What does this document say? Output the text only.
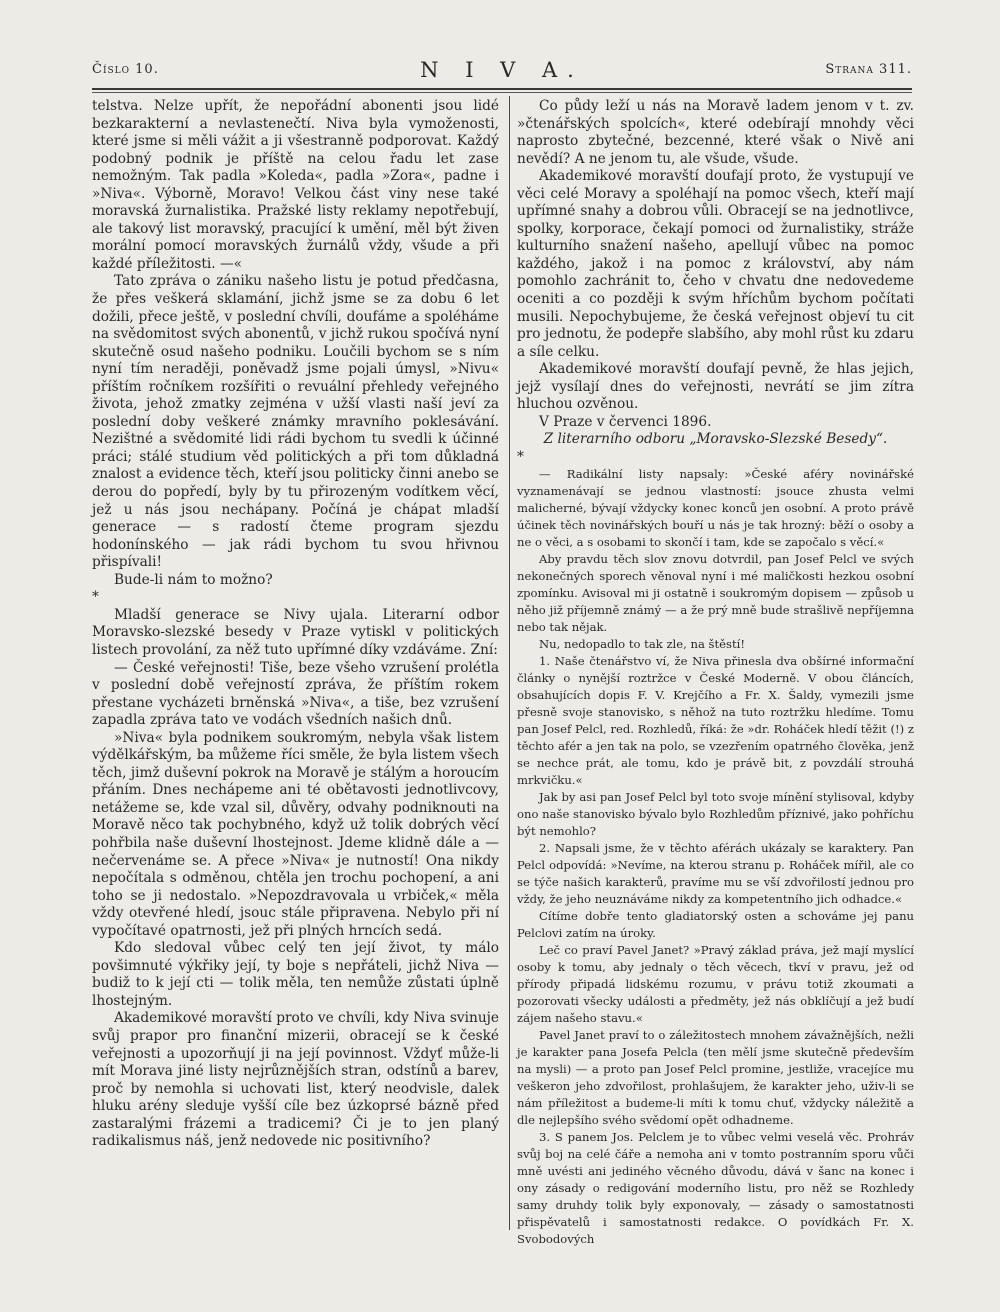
Číslo 10.	N I V A.	Strana 311.

telstva. Nelze upřít, že nepořádní abonenti jsou lidé bezkarakterní a nevlastenečtí. Niva byla vymoženosti, které jsme si měli vážit a ji všestranně podporovat. Každý podobný podnik je příště na celou řadu let zase nemožným. Tak padla »Koleda«, padla »Zora«, padne i »Niva«. Výborně, Moravo! Velkou část viny nese také moravská žurnalistika. Pražské listy reklamy nepotřebují, ale takový list moravský, pracující k umění, měl být živen morální pomocí moravských žurnálů vždy, všude a při každé příležitosti. —«

Tato zpráva o zániku našeho listu je potud předčasna, že přes veškerá sklamání, jichž jsme se za dobu 6 let dožili, přece ještě, v poslední chvíli, doufáme a spoléháme na svědomitost svých abonentů, v jichž rukou spočívá nyní skutečně osud našeho podniku. Loučili bychom se s ním nyní tím neraději, poněvadž jsme pojali úmysl, »Nivu« příštím ročníkem rozšířiti o revuální přehledy veřejného života, jehož zmatky zejména v užší vlasti naší jeví za poslední doby veškeré známky mravního poklesávání. Nezištné a svědomité lidi rádi bychom tu svedli k účinné práci; stálé studium věd politických a při tom důkladná znalost a evidence těch, kteří jsou politicky činni anebo se derou do popředí, byly by tu přirozeným vodítkem věcí, jež u nás jsou nechápany. Počíná je chápat mladší generace — s radostí čteme program sjezdu hodonínského — jak rádi bychom tu svou hřivnou přispívali!

Bude-li nám to možno?

*

Mladší generace se Nivy ujala. Literarní odbor Moravsko-slezské besedy v Praze vytiskl v politických listech provolání, za něž tuto upřímné díky vzdáváme. Zní:

— České veřejnosti! Tiše, beze všeho vzrušení prolétla v poslední době veřejností zpráva, že příštím rokem přestane vycházeti brněnská »Niva«, a tiše, bez vzrušení zapadla zpráva tato ve vodách všedních našich dnů.

»Niva« byla podnikem soukromým, nebyla však listem výdělkářským, ba můžeme říci směle, že byla listem všech těch, jimž duševní pokrok na Moravě je stálým a horoucím přáním. Dnes nechápeme ani té obětavosti jednotlivcovy, netážeme se, kde vzal sil, důvěry, odvahy podniknouti na Moravě něco tak pochybného, když už tolik dobrých věcí pohřbila naše duševní lhostejnost. Jdeme klidně dále a — nečervenáme se. A přece »Niva« je nutností! Ona nikdy nepočítala s odměnou, chtěla jen trochu pochopení, a ani toho se ji nedostalo. »Nepozdravovala u vrbiček,« měla vždy otevřené hledí, jsouc stále připravena. Nebylo při ní vypočítavé opatrnosti, jež při plných hrncích sedá.

Kdo sledoval vůbec celý ten její život, ty málo povšimnuté výkřiky její, ty boje s nepřáteli, jichž Niva — budiž to k její cti — tolik měla, ten nemůže zůstati úplně lhostejným.

Akademikové moravští proto ve chvíli, kdy Niva svinuje svůj prapor pro finanční mizerii, obracejí se k české veřejnosti a upozorňují ji na její povinnost. Vždyť může-li mít Morava jiné listy nejrůznějších stran, odstínů a barev, proč by nemohla si uchovati list, který neodvisle, dalek hluku arény sleduje vyšší cíle bez úzkoprsé bázně před zastaralými frázemi a tradicemi? Či je to jen planý radikalismus náš, jenž nedovede nic positivního?

Co půdy leží u nás na Moravě ladem jenom v t. zv. »čtenářských spolcích«, které odebírají mnohdy věci naprosto zbytečné, bezcenné, které však o Nivě ani nevědí? A ne jenom tu, ale všude, všude.

Akademikové moravští doufají proto, že vystupují ve věci celé Moravy a spoléhají na pomoc všech, kteří mají upřímné snahy a dobrou vůli. Obracejí se na jednotlivce, spolky, korporace, čekají pomoci od žurnalistiky, stráže kulturního snažení našeho, apellují vůbec na pomoc každého, jakož i na pomoc z království, aby nám pomohlo zachránit to, čeho v chvatu dne nedovedeme oceniti a co později k svým hříchům bychom počítati musili. Nepochybujeme, že česká veřejnost objeví tu cit pro jednotu, že podepře slabšího, aby mohl růst ku zdaru a síle celku.

Akademikové moravští doufají pevně, že hlas jejich, jejž vysílají dnes do veřejnosti, nevrátí se jim zítra hluchou ozvěnou.

V Praze v červenci 1896.

Z literarního odboru „Moravsko-Slezské Besedy“.

*

— Radikální listy napsaly: »České aféry novinářské vyznamenávají se jednou vlastností: jsouce zhusta velmi malicherné, bývají vždycky konec konců jen osobní. A proto právě účinek těch novinářských bouří u nás je tak hrozný: běží o osoby a ne o věci, a s osobami to skončí i tam, kde se započalo s věcí.«

Aby pravdu těch slov znovu dotvrdil, pan Josef Pelcl ve svých nekonečných sporech věnoval nyní i mé maličkosti hezkou osobní zpomínku. Avisoval mi ji ostatně i soukromým dopisem — způsob u něho již příjemně známý — a že prý mně bude strašlivě nepříjemna nebo tak nějak.

Nu, nedopadlo to tak zle, na štěstí!

1. Naše čtenářstvo ví, že Niva přinesla dva obšírné informační články o nynější roztržce v České Moderně. V obou článcích, obsahujících dopis F. V. Krejčího a Fr. X. Šaldy, vymezili jsme přesně svoje stanovisko, s něhož na tuto roztržku hledíme. Tomu pan Josef Pelcl, red. Rozhledů, říká: že »dr. Roháček hledí těžit (!) z těchto afér a jen tak na polo, se vzezřením opatrného člověka, jenž se nechce prát, ale tomu, kdo je právě bit, z povzdálí strouhá mrkvičku.«

Jak by asi pan Josef Pelcl byl toto svoje mínění stylisoval, kdyby ono naše stanovisko bývalo bylo Rozhledům příznivé, jako pohříchu být nemohlo?

2. Napsali jsme, že v těchto aférách ukázaly se karaktery. Pan Pelcl odpovídá: »Nevíme, na kterou stranu p. Roháček mířil, ale co se týče našich karakterů, pravíme mu se vší zdvořilostí jednou pro vždy, že jeho neuznáváme nikdy za kompetentního jich odhadce.«

Cítíme dobře tento gladiatorský osten a schováme jej panu Pelclovi zatím na úroky.

Leč co praví Pavel Janet? »Pravý základ práva, jež mají myslící osoby k tomu, aby jednaly o těch věcech, tkví v pravu, jež od přírody připadá lidskému rozumu, v právu totiž zkoumati a pozorovati všecky události a předměty, jež nás obklíčují a jež budí zájem našeho stavu.«

Pavel Janet praví to o záležitostech mnohem závažnějších, nežli je karakter pana Josefa Pelcla (ten mělí jsme skutečně především na mysli) — a proto pan Josef Pelcl promine, jestliže, vracejíce mu veškeron jeho zdvořilost, prohlašujem, že karakter jeho, uživ-li se nám příležitost a budeme-li míti k tomu chuť, vždycky náležitě a dle nejlepšího svého svědomí opět odhadneme.

3. S panem Jos. Pelclem je to vůbec velmi veselá věc. Prohráv svůj boj na celé čáře a nemoha ani v tomto postranním sporu vůči mně uvésti ani jediného věcného důvodu, dává v šanc na konec i ony zásady o redigování moderního listu, pro něž se Rozhledy samy druhdy tolik byly exponovaly, — zásady o samostatnosti přispěvatelů i samostatnosti redakce. O povídkách Fr. X. Svobodových
